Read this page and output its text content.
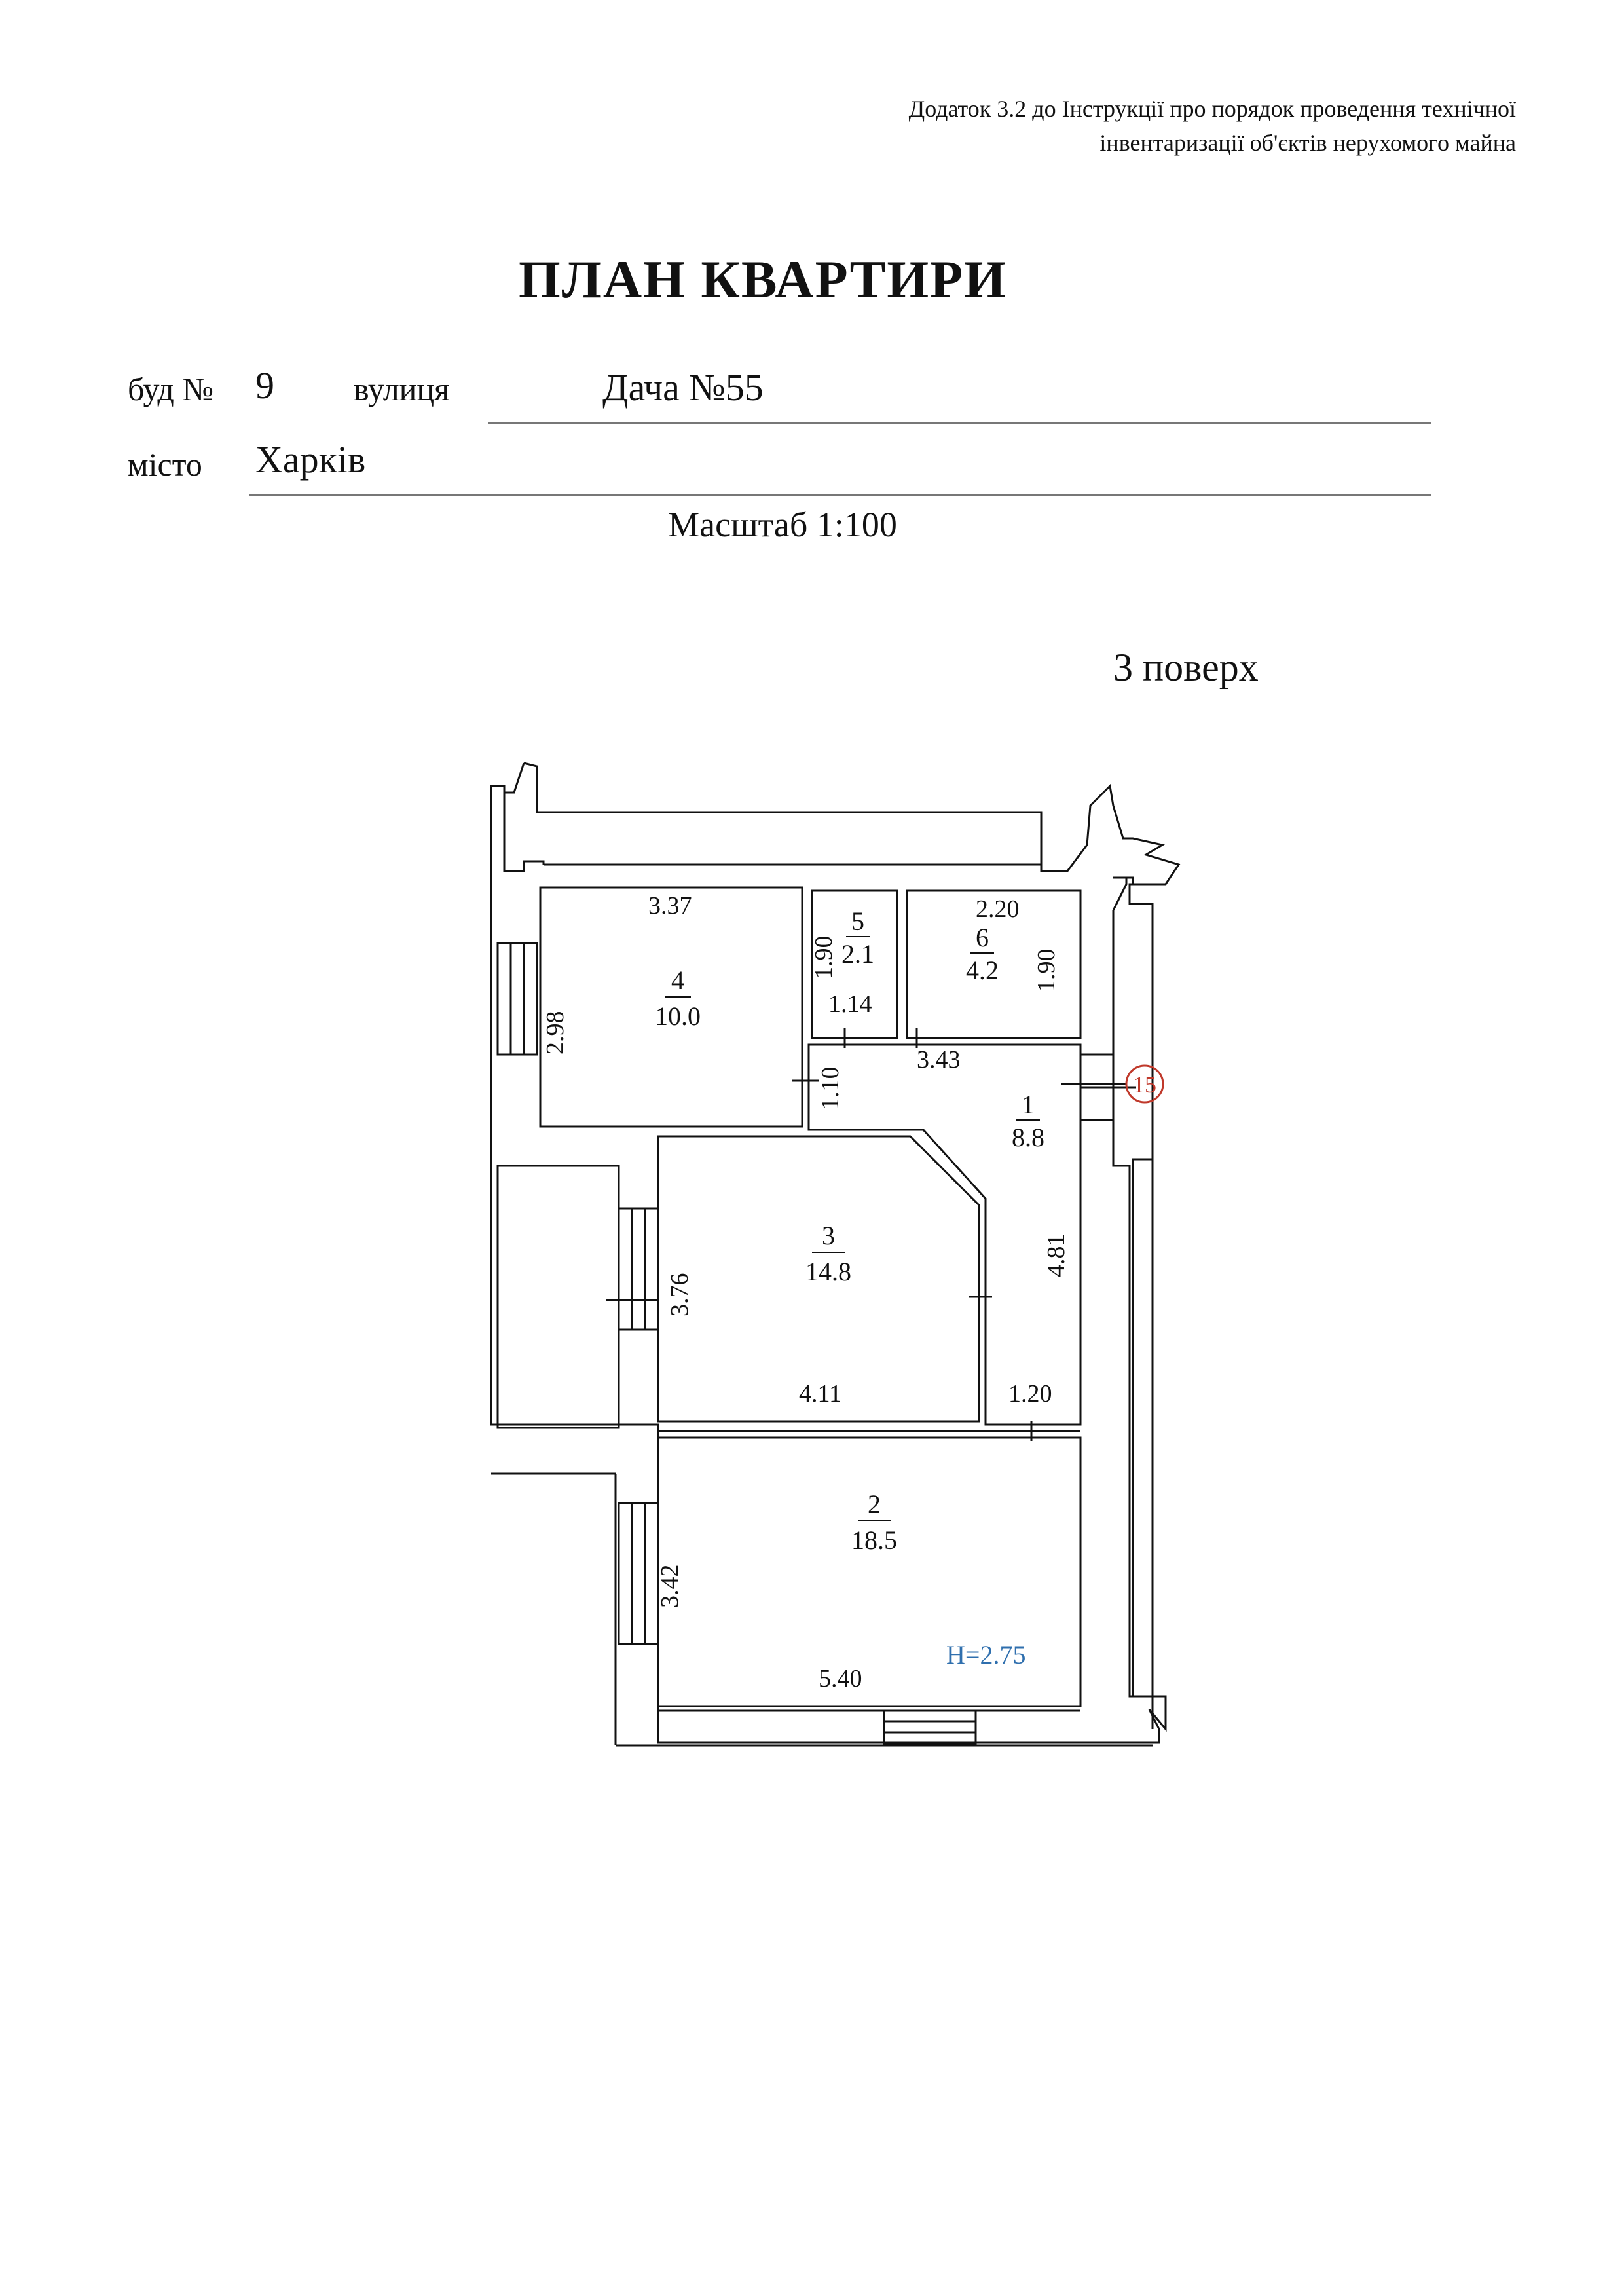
Додаток 3.2 до Інструкції про порядок проведення технічної
інвентаризації об'єктів нерухомого майна
ПЛАН КВАРТИРИ
буд № 9 вулиця	Дача №55
місто Харків
Масштаб 1:100
3 поверх
4
10.0
5
2.1
6
4.2
1
8.8
3
14.8
2
18.5
3.37
2.98
1.90
1.14
2.20
1.90
3.43
1.10
4.81
1.20
3.76
4.11
3.42
5.40
H=2.75
15
